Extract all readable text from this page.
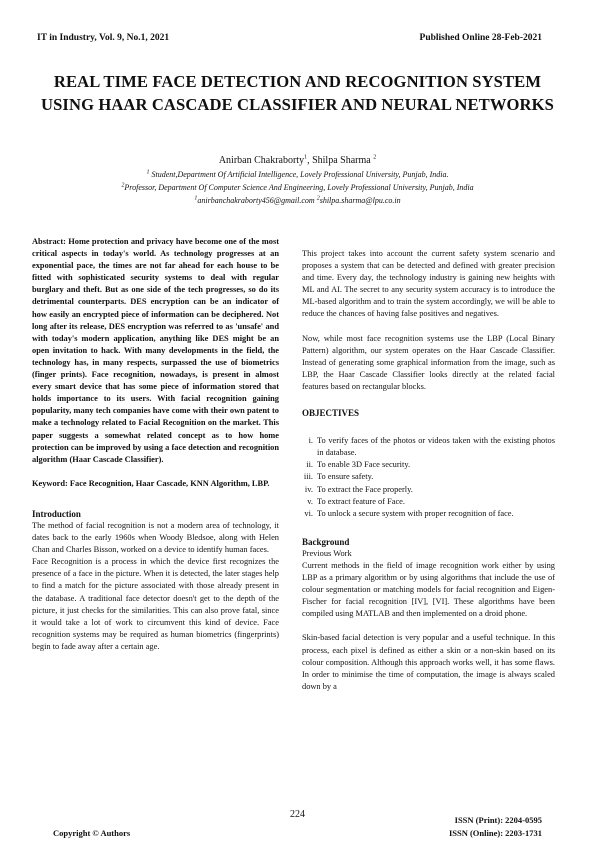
IT in Industry, Vol. 9, No.1, 2021	Published Online 28-Feb-2021
REAL TIME FACE DETECTION AND RECOGNITION SYSTEM USING HAAR CASCADE CLASSIFIER AND NEURAL NETWORKS
Anirban Chakraborty$^1$, Shilpa Sharma $^2$
$^1$ Student,Department Of Artificial Intelligence, Lovely Professional University, Punjab, India.
$^2$Professor, Department Of Computer Science And Engineering, Lovely Professional University, Punjab, India
$^1$anirbanchakraborty456@gmail.com $^2$shilpa.sharma@lpu.co.in

Abstract: Home protection and privacy have become one of the most critical aspects in today's world. As technology progresses at an exponential pace, the times are not far ahead for each house to be fitted with sophisticated security systems to deal with regular burglary and theft. But as one side of the tech progresses, so do its detrimental counterparts. DES encryption can be an indicator of how easily an encrypted piece of information can be deciphered. Not long after its release, DES encryption was referred to as 'unsafe' and with today's modern application, anything like DES might be an open invitation to hack. With many developments in the field, the technology has, in many respects, surpassed the use of biometrics (finger prints). Face recognition, nowadays, is present in almost every smart device that has some piece of information stored that holds importance to its users. With facial recognition gaining popularity, many tech companies have come with their own patent to make a technology related to Facial Recognition on the market. This paper suggests a somewhat related concept as to how home protection can be improved by using a face detection and recognition algorithm (Haar Cascade Classifier).

Keyword: Face Recognition, Haar Cascade, KNN Algorithm, LBP.

Introduction

The method of facial recognition is not a modern area of technology, it dates back to the early 1960s when Woody Bledsoe, along with Helen Chan and Charles Bisson, worked on a device to identify human faces.

Face Recognition is a process in which the device first recognizes the presence of a face in the picture. When it is detected, the later stages help to find a match for the picture associated with those already present in the database. A traditional face detector doesn't get to the depth of the picture, it just checks for the similarities. This can also prove fatal, since it would take a lot of work to circumvent this kind of device. Face recognition systems may be required as human biometrics (fingerprints) begin to fade away after a certain age.

This project takes into account the current safety system scenario and proposes a system that can be detected and defined with greater precision and time. Every day, the technology industry is gaining new heights with ML and AI. The secret to any security system accuracy is to introduce the ML-based algorithm and to train the system accordingly, we will be able to reduce the chances of having false positives and negatives.

Now, while most face recognition systems use the LBP (Local Binary Pattern) algorithm, our system operates on the Haar Cascade Classifier. Instead of generating some graphical information from the image, such as LBP, the Haar Cascade Classifier looks directly at the related facial features based on rectangular blocks.

OBJECTIVES

i. To verify faces of the photos or videos taken with the existing photos in database.
ii. To enable 3D Face security.
iii. To ensure safety.
iv. To extract the Face properly.
v. To extract feature of Face.
vi. To unlock a secure system with proper recognition of face.

Background

Previous Work

Current methods in the field of image recognition work either by using LBP as a primary algorithm or by using algorithms that include the use of colour segmentation or matching models for facial recognition and Eigen-Fischer for facial recognition [IV], [VI]. These algorithms have been compiled using MATLAB and then implemented on a droid phone.

Skin-based facial detection is very popular and a useful technique. In this process, each pixel is defined as either a skin or a non-skin based on its colour composition. Although this approach works well, it has some flaws. In order to minimise the time of computation, the image is always scaled down by a

224
Copyright © Authors
ISSN (Print): 2204-0595
ISSN (Online): 2203-1731
